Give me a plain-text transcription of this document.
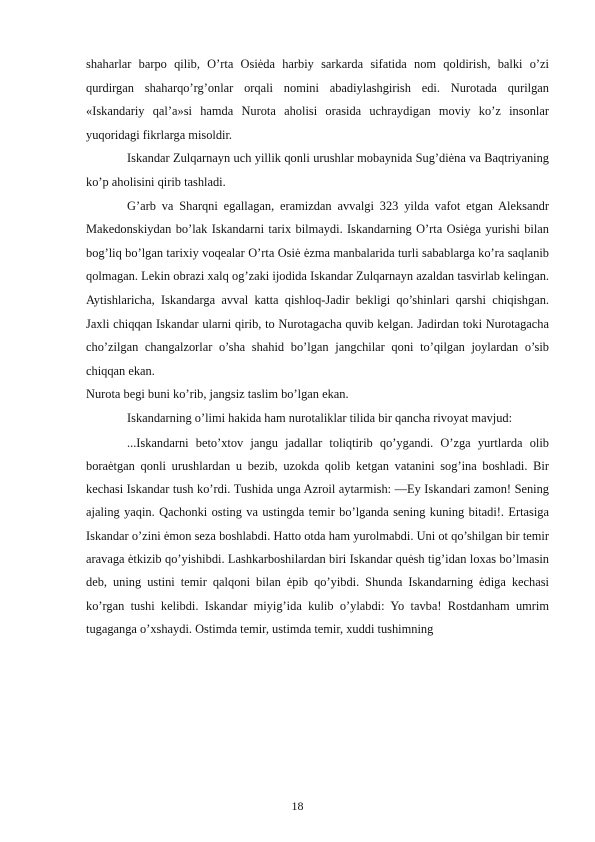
shaharlar barpo qilib, O’rta Osiėda harbiy sarkarda sifatida nom qoldirish, balki o’zi qurdirgan shaharqo’rg’onlar orqali nomini abadiylashgirish edi. Nurotada qurilgan «Iskandariy qal’a»si hamda Nurota aholisi orasida uchraydigan moviy ko’z insonlar yuqoridagi fikrlarga misoldir.

Iskandar Zulqarnayn uch yillik qonli urushlar mobaynida Sug’diėna va Baqtriyaning ko’p aholisini qirib tashladi.

G’arb va Sharqni egallagan, eramizdan avvalgi 323 yilda vafot etgan Aleksandr Makedonskiydan bo’lak Iskandarni tarix bilmaydi. Iskandarning O’rta Osiėga yurishi bilan bog’liq bo’lgan tarixiy voqealar O’rta Osiė ėzma manbalarida turli sabablarga ko’ra saqlanib qolmagan. Lekin obrazi xalq og’zaki ijodida Iskandar Zulqarnayn azaldan tasvirlab kelingan. Aytishlaricha, Iskandarga avval katta qishloq-Jadir bekligi qo’shinlari qarshi chiqishgan. Jaxli chiqqan Iskandar ularni qirib, to Nurotagacha quvib kelgan. Jadirdan toki Nurotagacha cho’zilgan changalzorlar o’sha shahid bo’lgan jangchilar qoni to’qilgan joylardan o’sib chiqqan ekan.

Nurota begi buni ko’rib, jangsiz taslim bo’lgan ekan.

Iskandarning o’limi hakida ham nurotaliklar tilida bir qancha rivoyat mavjud:

...Iskandarni beto’xtov jangu jadallar toliqtirib qo’ygandi. O’zga yurtlarda olib boraėtgan qonli urushlardan u bezib, uzokda qolib ketgan vatanini sog’ina boshladi. Bir kechasi Iskandar tush ko’rdi. Tushida unga Azroil aytarmish: —Ey Iskandari zamon! Sening ajaling yaqin. Qachonki osting va ustingda temir bo’lganda sening kuning bitadi!. Ertasiga Iskandar o’zini ėmon seza boshlabdi. Hatto otda ham yurolmabdi. Uni ot qo’shilgan bir temir aravaga ėtkizib qo’yishibdi. Lashkarboshilardan biri Iskandar quėsh tig’idan loxas bo’lmasin deb, uning ustini temir qalqoni bilan ėpib qo’yibdi. Shunda Iskandarning ėdiga kechasi ko’rgan tushi kelibdi. Iskandar miyig’ida kulib o’ylabdi: Yo tavba! Rostdanham umrim tugaganga o’xshaydi. Ostimda temir, ustimda temir, xuddi tushimning

18
